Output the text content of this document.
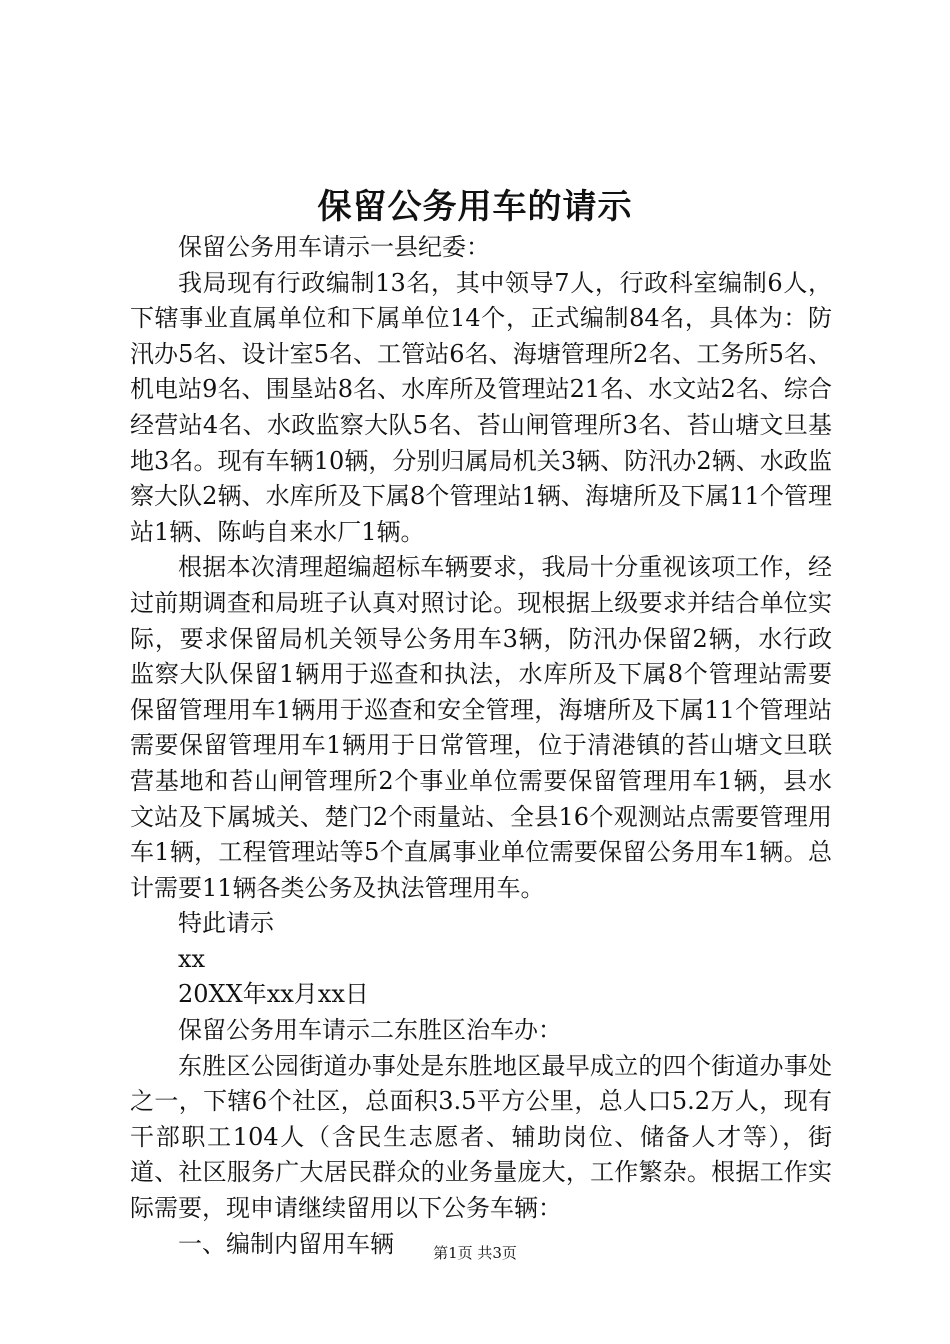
保留公务用车的请示

保留公务用车请示一县纪委：

我局现有行政编制13名，其中领导7人，行政科室编制6人，下辖事业直属单位和下属单位14个，正式编制84名，具体为：防汛办5名、设计室5名、工管站6名、海塘管理所2名、工务所5名、机电站9名、围垦站8名、水库所及管理站21名、水文站2名、综合经营站4名、水政监察大队5名、苔山闸管理所3名、苔山塘文旦基地3名。现有车辆10辆，分别归属局机关3辆、防汛办2辆、水政监察大队2辆、水库所及下属8个管理站1辆、海塘所及下属11个管理站1辆、陈屿自来水厂1辆。

根据本次清理超编超标车辆要求，我局十分重视该项工作，经过前期调查和局班子认真对照讨论。现根据上级要求并结合单位实际，要求保留局机关领导公务用车3辆，防汛办保留2辆，水行政监察大队保留1辆用于巡查和执法，水库所及下属8个管理站需要保留管理用车1辆用于巡查和安全管理，海塘所及下属11个管理站需要保留管理用车1辆用于日常管理，位于清港镇的苔山塘文旦联营基地和苔山闸管理所2个事业单位需要保留管理用车1辆，县水文站及下属城关、楚门2个雨量站、全县16个观测站点需要管理用车1辆，工程管理站等5个直属事业单位需要保留公务用车1辆。总计需要11辆各类公务及执法管理用车。

特此请示

xx

20XX年xx月xx日

保留公务用车请示二东胜区治车办：

东胜区公园街道办事处是东胜地区最早成立的四个街道办事处之一，下辖6个社区，总面积3.5平方公里，总人口5.2万人，现有干部职工104人（含民生志愿者、辅助岗位、储备人才等），街道、社区服务广大居民群众的业务量庞大，工作繁杂。根据工作实际需要，现申请继续留用以下公务车辆：

一、编制内留用车辆	第1页 共3页
